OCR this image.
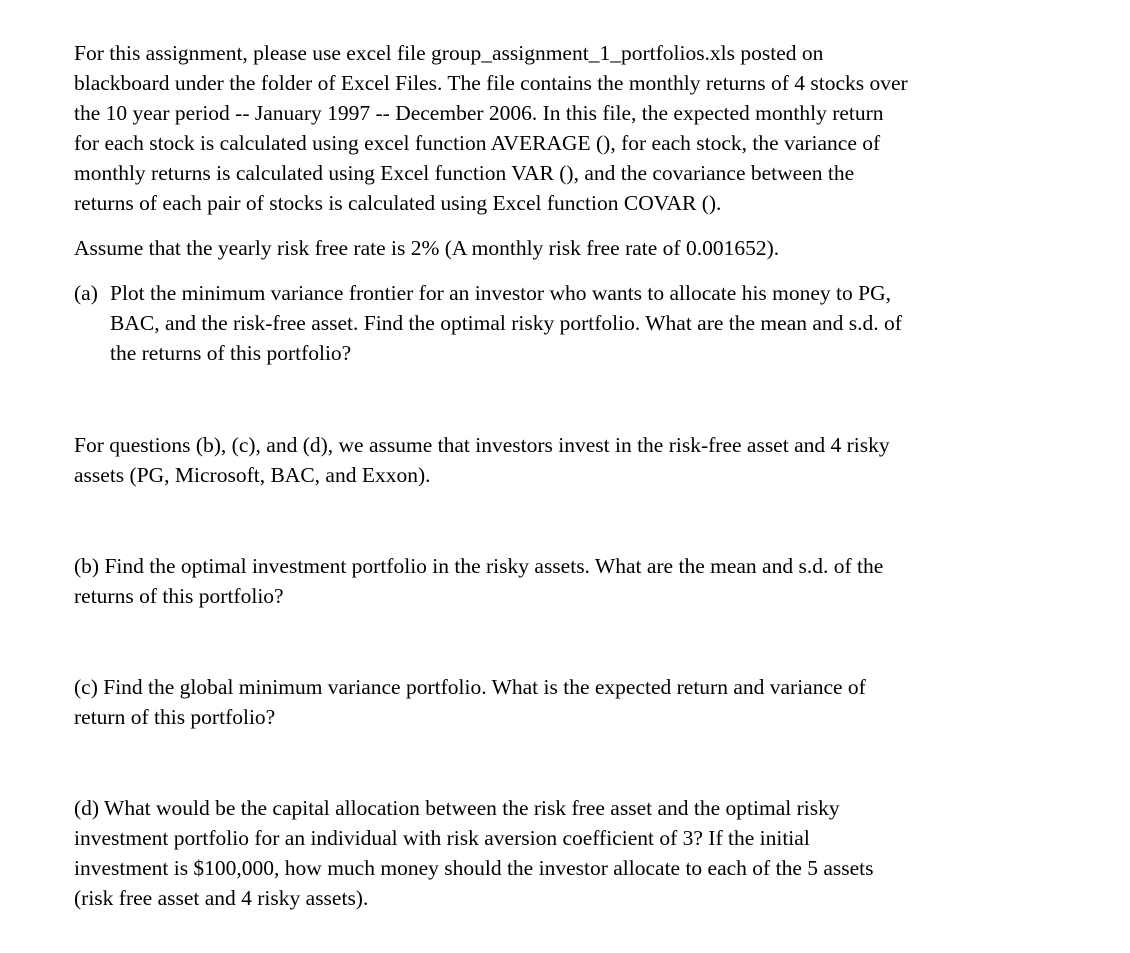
For this assignment, please use excel file group_assignment_1_portfolios.xls posted on
blackboard under the folder of Excel Files. The file contains the monthly returns of 4 stocks over
the 10 year period -- January 1997 -- December 2006. In this file, the expected monthly return
for each stock is calculated using excel function AVERAGE (), for each stock, the variance of
monthly returns is calculated using Excel function VAR (), and the covariance between the
returns of each pair of stocks is calculated using Excel function COVAR ().

Assume that the yearly risk free rate is 2% (A monthly risk free rate of 0.001652).

(a) Plot the minimum variance frontier for an investor who wants to allocate his money to PG,
BAC, and the risk-free asset. Find the optimal risky portfolio. What are the mean and s.d. of
the returns of this portfolio?

For questions (b), (c), and (d), we assume that investors invest in the risk-free asset and 4 risky
assets (PG, Microsoft, BAC, and Exxon).

(b) Find the optimal investment portfolio in the risky assets. What are the mean and s.d. of the
returns of this portfolio?

(c) Find the global minimum variance portfolio. What is the expected return and variance of
return of this portfolio?

(d) What would be the capital allocation between the risk free asset and the optimal risky
investment portfolio for an individual with risk aversion coefficient of 3? If the initial
investment is $100,000, how much money should the investor allocate to each of the 5 assets
(risk free asset and 4 risky assets).
